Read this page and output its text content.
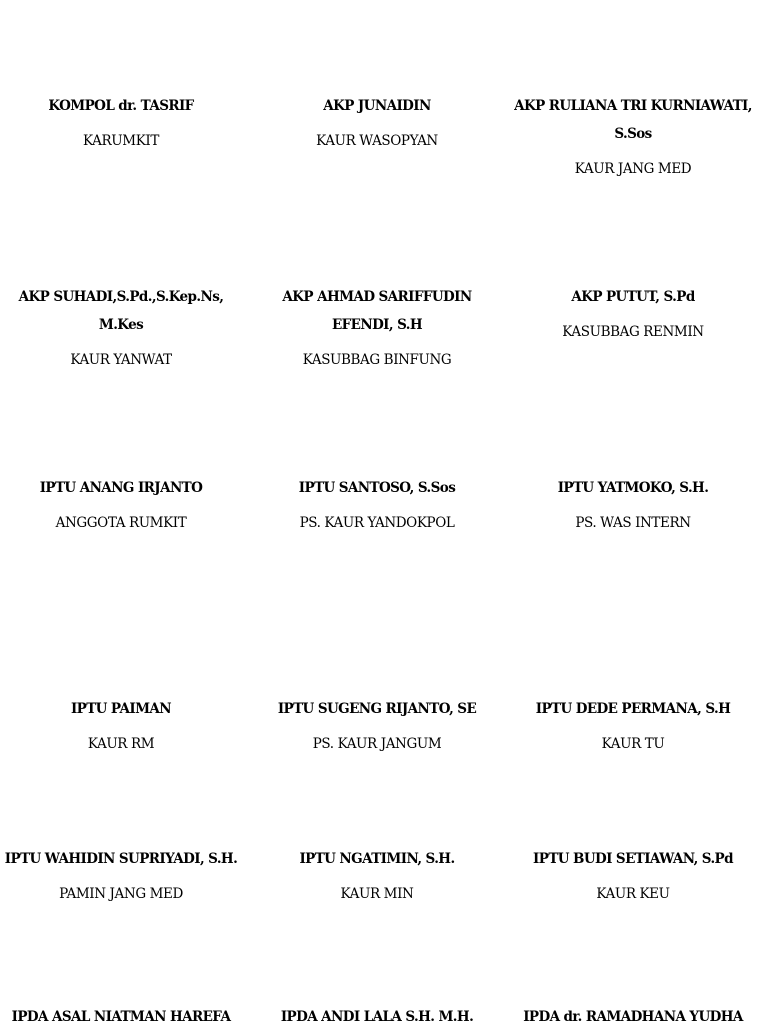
KOMPOL dr. TASRIF

KARUMKIT

AKP JUNAIDIN

KAUR WASOPYAN

AKP RULIANA TRI KURNIAWATI, S.Sos

KAUR JANG MED

AKP SUHADI,S.Pd.,S.Kep.Ns, M.Kes

KAUR YANWAT

AKP AHMAD SARIFFUDIN EFENDI, S.H

KASUBBAG BINFUNG

AKP PUTUT, S.Pd

KASUBBAG RENMIN

IPTU ANANG IRJANTO

ANGGOTA RUMKIT

IPTU SANTOSO, S.Sos

PS. KAUR YANDOKPOL

IPTU YATMOKO, S.H.

PS. WAS INTERN

IPTU PAIMAN

KAUR RM

IPTU SUGENG RIJANTO, SE

PS. KAUR JANGUM

IPTU DEDE PERMANA, S.H

KAUR TU

IPTU WAHIDIN SUPRIYADI, S.H.

PAMIN JANG MED

IPTU NGATIMIN, S.H.

KAUR MIN

IPTU BUDI SETIAWAN, S.Pd

KAUR KEU

IPDA ASAL NIATMAN HAREFA	IPDA ANDI LALA S.H. M.H.	IPDA dr. RAMADHANA YUDHA
